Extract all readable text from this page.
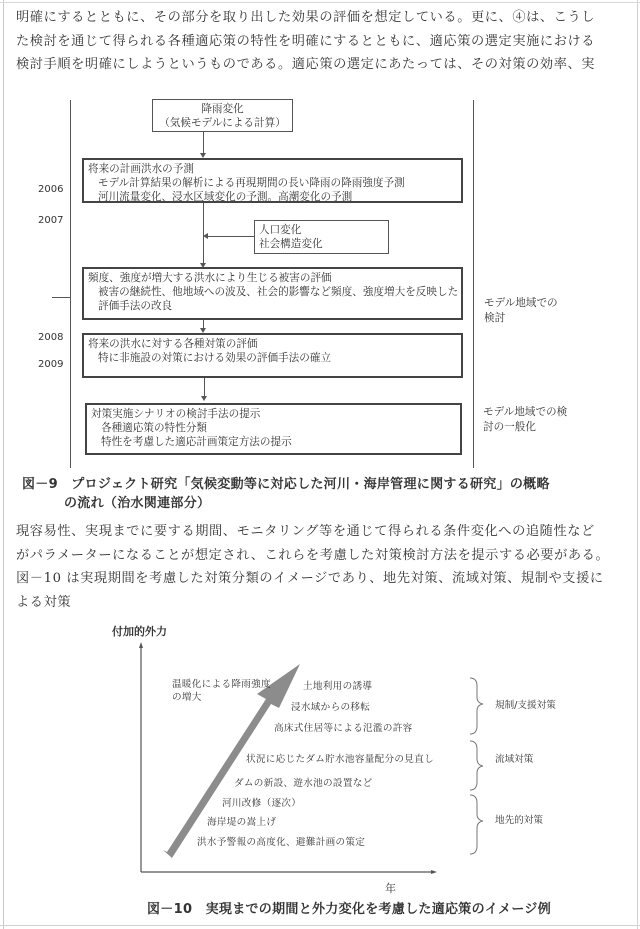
明確にするとともに、その部分を取り出した効果の評価を想定している。更に、④は、こうし
た検討を通じて得られる各種適応策の特性を明確にするとともに、適応策の選定実施における
検討手順を明確にしようというものである。適応策の選定にあたっては、その対策の効率、実
2006
2007
2008
2009
降雨変化
（気候モデルによる計算）
将来の計画洪水の予測
モデル計算結果の解析による再現期間の長い降雨の降雨強度予測
河川流量変化、浸水区域変化の予測。高潮変化の予測
人口変化
社会構造変化
頻度、強度が増大する洪水により生じる被害の評価
被害の継続性、他地域への波及、社会的影響など頻度、強度増大を反映した
評価手法の改良
将来の洪水に対する各種対策の評価
特に非施設の対策における効果の評価手法の確立
対策実施シナリオの検討手法の提示
各種適応策の特性分類
特性を考慮した適応計画策定方法の提示
モデル地域での
検討
モデル地域での検
討の一般化
図－9　プロジェクト研究「気候変動等に対応した河川・海岸管理に関する研究」の概略
の流れ（治水関連部分）
現容易性、実現までに要する期間、モニタリング等を通じて得られる条件変化への追随性など
がパラメーターになることが想定され、これらを考慮した対策検討方法を提示する必要がある。
図－10 は実現期間を考慮した対策分類のイメージであり、地先対策、流域対策、規制や支援に
よる対策
付加的外力
年
温暖化による降雨強度
の増大
土地利用の誘導
浸水域からの移転
高床式住居等による氾濫の許容
状況に応じたダム貯水池容量配分の見直し
ダムの新設、遊水池の設置など
河川改修（逐次）
海岸堤の嵩上げ
洪水予警報の高度化、避難計画の策定
規制/支援対策
流域対策
地先的対策
図－10　実現までの期間と外力変化を考慮した適応策のイメージ例
